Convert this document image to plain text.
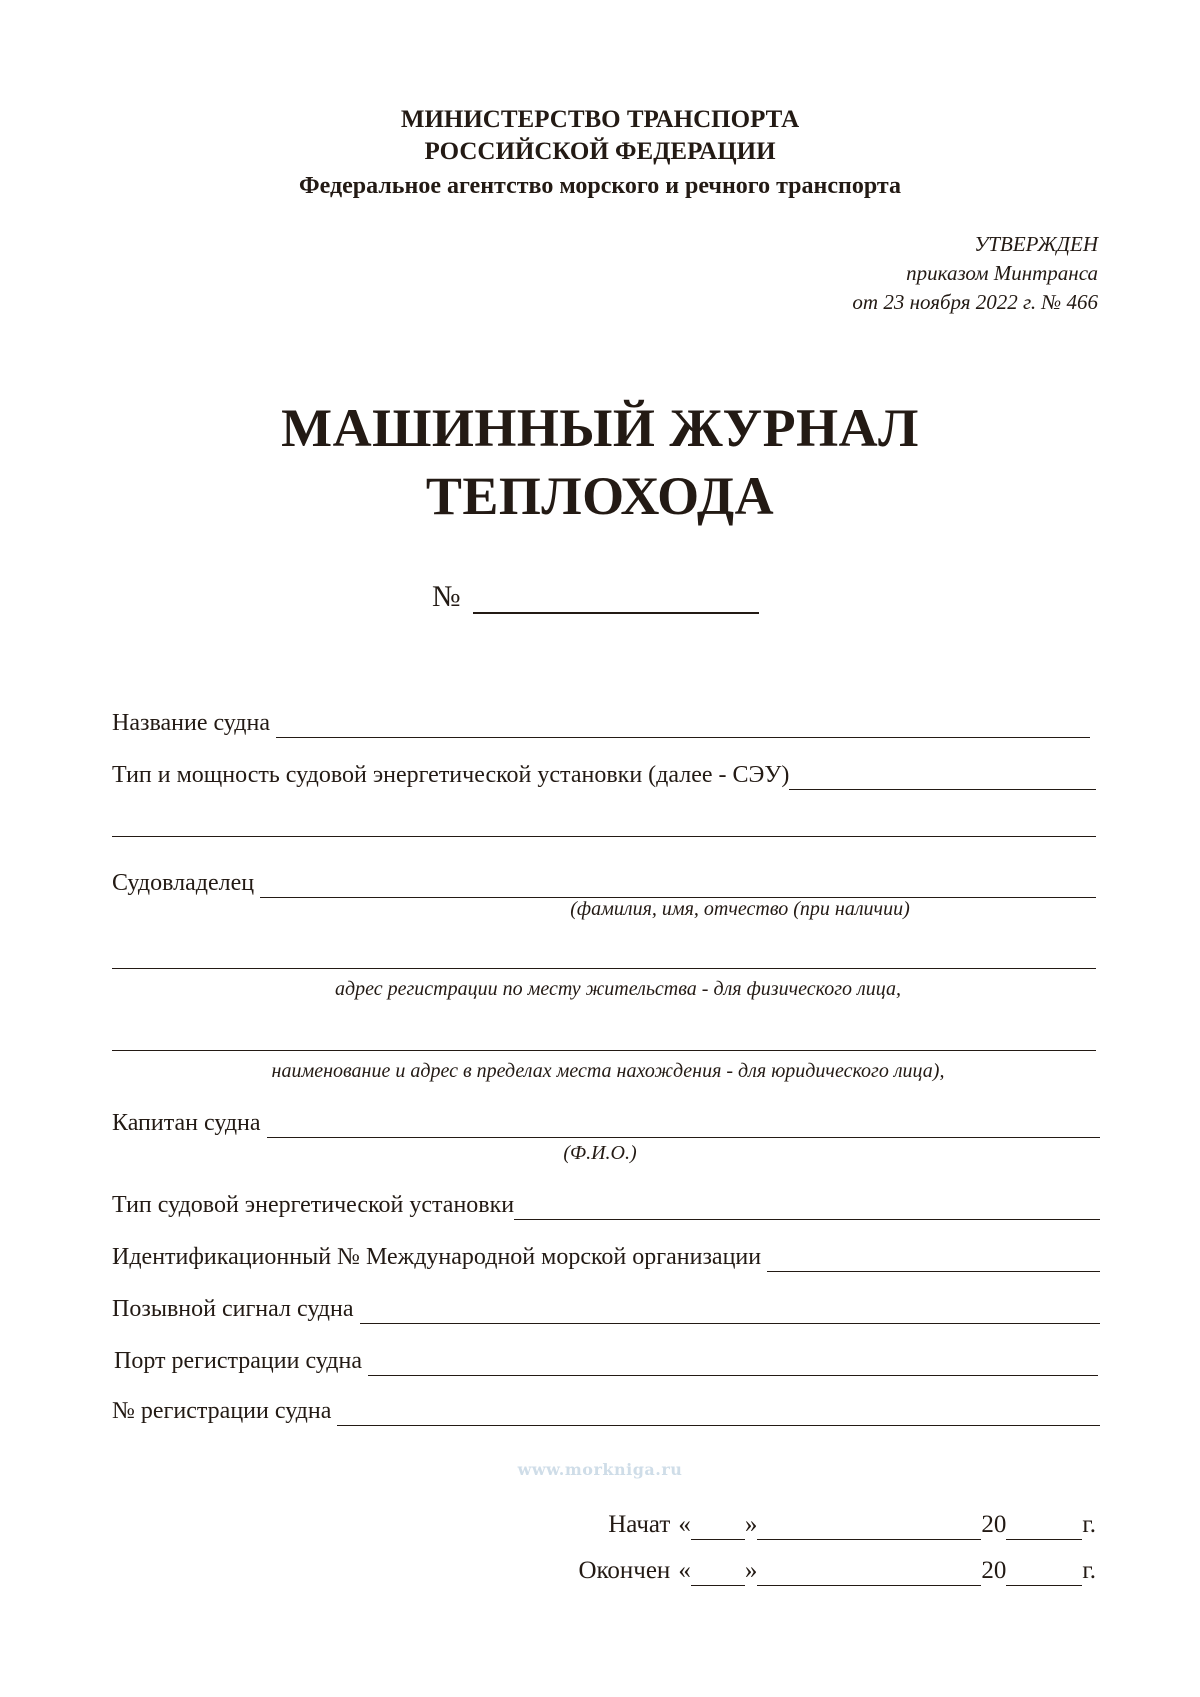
МИНИСТЕРСТВО ТРАНСПОРТА
РОССИЙСКОЙ ФЕДЕРАЦИИ
Федеральное агентство морского и речного транспорта
УТВЕРЖДЕН
приказом Минтранса
от 23 ноября 2022 г. № 466
МАШИННЫЙ ЖУРНАЛ
ТЕПЛОХОДА
№
Название судна
Тип и мощность судовой энергетической установки (далее - СЭУ)
Судовладелец
(фамилия, имя, отчество (при наличии)
адрес регистрации по месту жительства - для физического лица,
наименование и адрес в пределах места нахождения - для юридического лица),
Капитан судна
(Ф.И.О.)
Тип судовой энергетической установки
Идентификационный № Международной морской организации
Позывной сигнал судна
Порт регистрации судна
№ регистрации судна
www.morkniga.ru
Начат « »	20	г.
Окончен « »	20	г.
